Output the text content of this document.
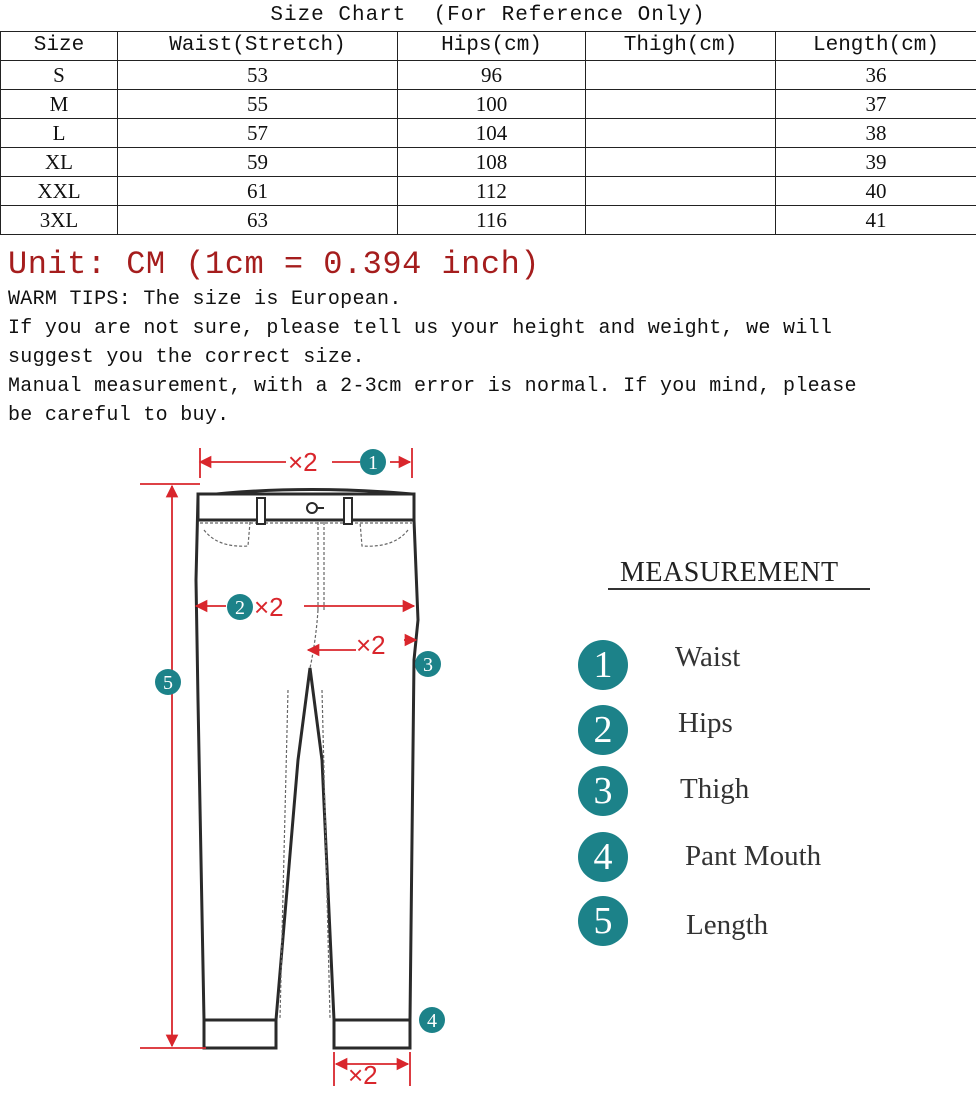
Size Chart  (For Reference Only)
Size	Waist(Stretch)	Hips(cm)	Thigh(cm)	Length(cm)
S	53	96		36
M	55	100		37
L	57	104		38
XL	59	108		39
XXL	61	112		40
3XL	63	116		41
Unit: CM (1cm = 0.394 inch)
WARM TIPS: The size is European.
If you are not sure, please tell us your height and weight, we will
suggest you the correct size.
Manual measurement, with a 2-3cm error is normal. If you mind, please
be careful to buy.
×2
×2
×2
×2
1
2
3
4
5
MEASUREMENT
1	Waist
2	Hips
3	Thigh
4	Pant Mouth
5	Length
